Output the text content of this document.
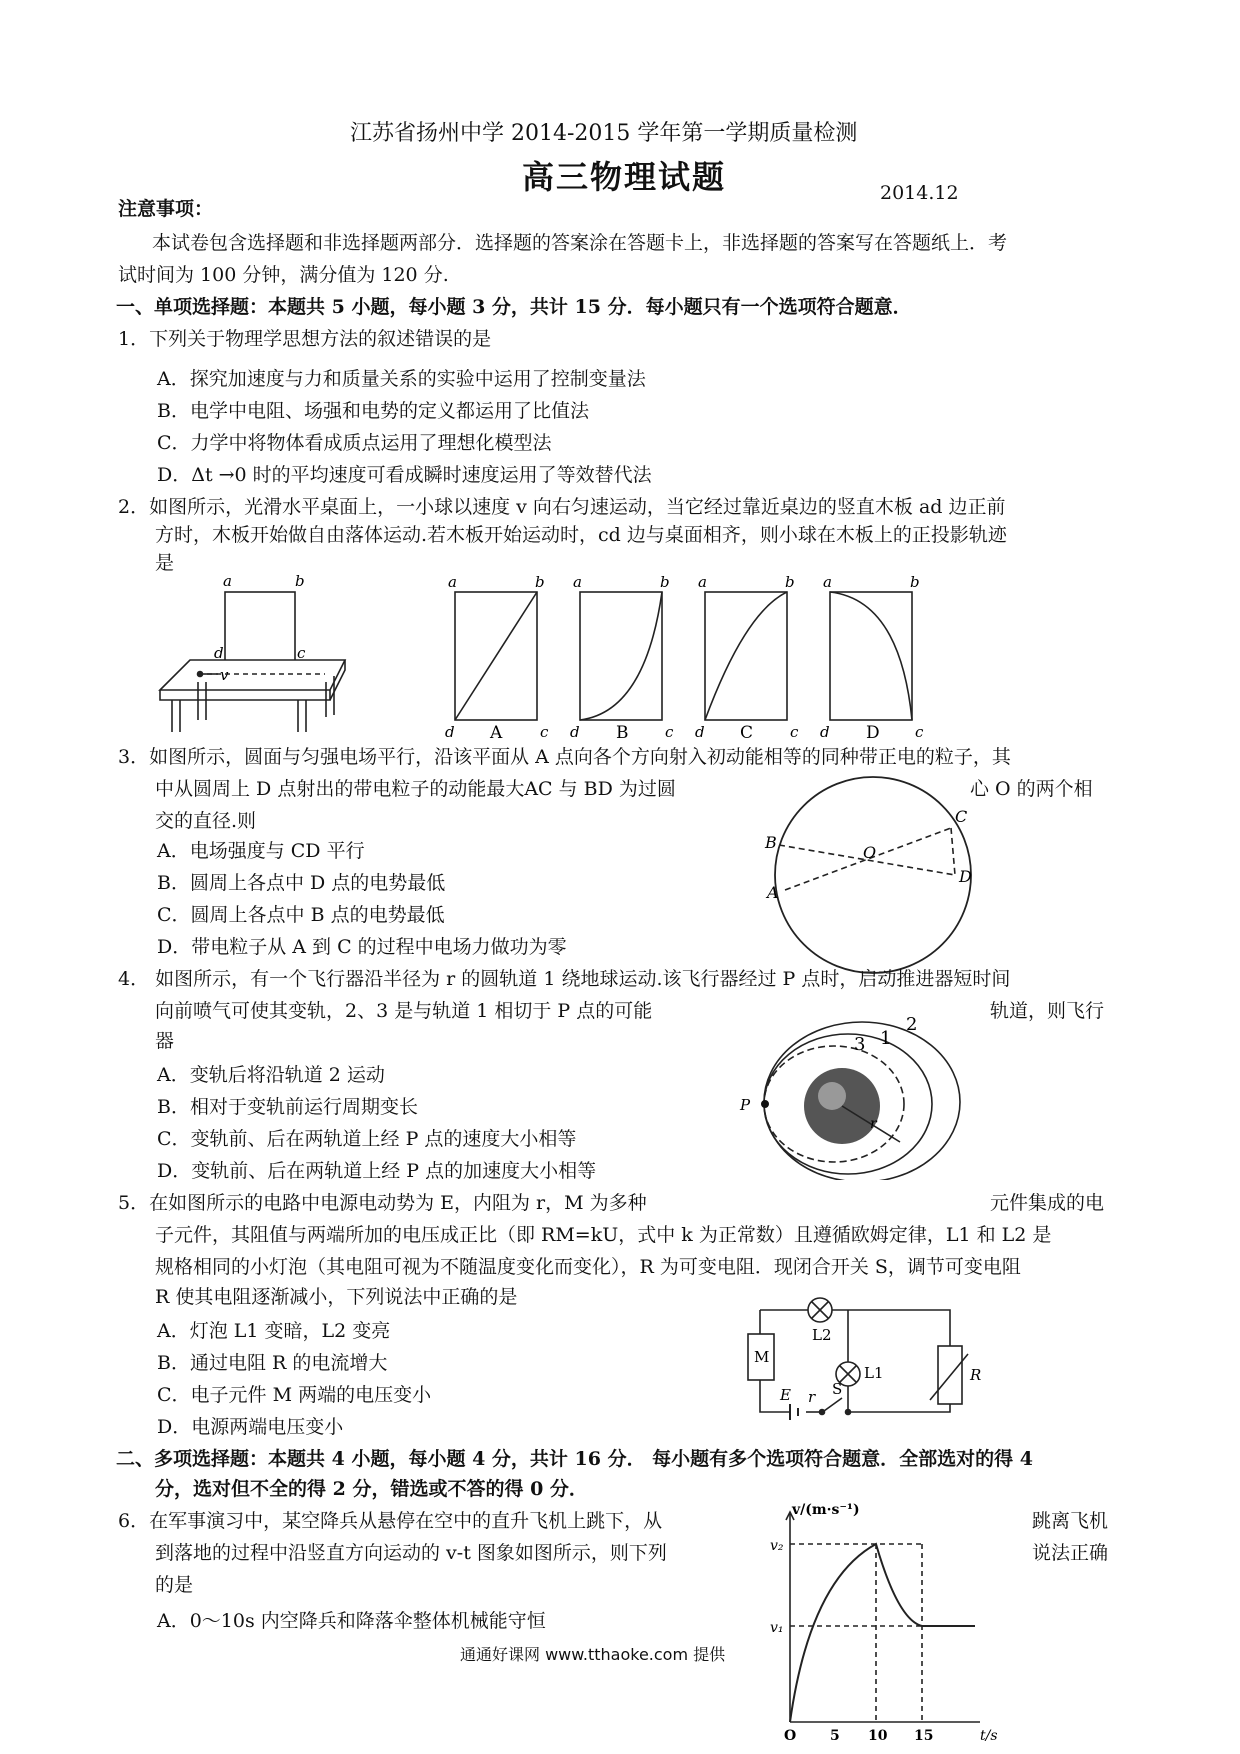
江苏省扬州中学 2014-2015 学年第一学期质量检测
高三物理试题	2014.12
注意事项：
本试卷包含选择题和非选择题两部分．选择题的答案涂在答题卡上，非选择题的答案写在答题纸上．考
试时间为 100 分钟，满分值为 120 分.
一、单项选择题：本题共 5 小题，每小题 3 分，共计 15 分．每小题只有一个选项符合题意．
1．下列关于物理学思想方法的叙述错误的是
A．探究加速度与力和质量关系的实验中运用了控制变量法
B．电学中电阻、场强和电势的定义都运用了比值法
C．力学中将物体看成质点运用了理想化模型法
D．Δt →0 时的平均速度可看成瞬时速度运用了等效替代法
2．如图所示，光滑水平桌面上，一小球以速度 v 向右匀速运动，当它经过靠近桌边的竖直木板 ad 边正前
方时，木板开始做自由落体运动.若木板开始运动时，cd 边与桌面相齐，则小球在木板上的正投影轨迹
是
a	b
c
d
v
a	b
d	c
a	b
d	c
a	b
d	c
a	b
d	c
A	B	C	D
3．如图所示，圆面与匀强电场平行，沿该平面从 A 点向各个方向射入初动能相等的同种带正电的粒子，其
中从圆周上 D 点射出的带电粒子的动能最大AC 与 BD 为过圆	心 O 的两个相
交的直径.则
A．电场强度与 CD 平行
B．圆周上各点中 D 点的电势最低
C．圆周上各点中 B 点的电势最低
D．带电粒子从 A 到 C 的过程中电场力做功为零
B
A
C
D
O
4． 如图所示，有一个飞行器沿半径为 r 的圆轨道 1 绕地球运动.该飞行器经过 P 点时，启动推进器短时间
向前喷气可使其变轨，2、3 是与轨道 1 相切于 P 点的可能	轨道，则飞行
器
A．变轨后将沿轨道 2 运动
B．相对于变轨前运行周期变长
C．变轨前、后在两轨道上经 P 点的速度大小相等
D．变轨前、后在两轨道上经 P 点的加速度大小相等
P
2
1
3
r
5．在如图所示的电路中电源电动势为 E，内阻为 r，M 为多种	元件集成的电
子元件，其阻值与两端所加的电压成正比（即 RM=kU，式中 k 为正常数）且遵循欧姆定律，L1 和 L2 是
规格相同的小灯泡（其电阻可视为不随温度变化而变化），R 为可变电阻．现闭合开关 S，调节可变电阻
R 使其电阻逐渐减小，下列说法中正确的是
A．灯泡 L1 变暗，L2 变亮
B．通过电阻 R 的电流增大
C．电子元件 M 两端的电压变小
D．电源两端电压变小
M
L2
L1	R
S
E r
二、多项选择题：本题共 4 小题，每小题 4 分，共计 16 分． 每小题有多个选项符合题意．全部选对的得 4
分，选对但不全的得 2 分，错选或不答的得 0 分．
6．在军事演习中，某空降兵从悬停在空中的直升飞机上跳下，从	跳离飞机
到落地的过程中沿竖直方向运动的 v-t 图象如图所示，则下列	说法正确
的是
A．0～10s 内空降兵和降落伞整体机械能守恒
v/(m·s⁻¹)
v₂
v₁
O 5 10 15	t/s
通通好课网 www.tthaoke.com 提供
